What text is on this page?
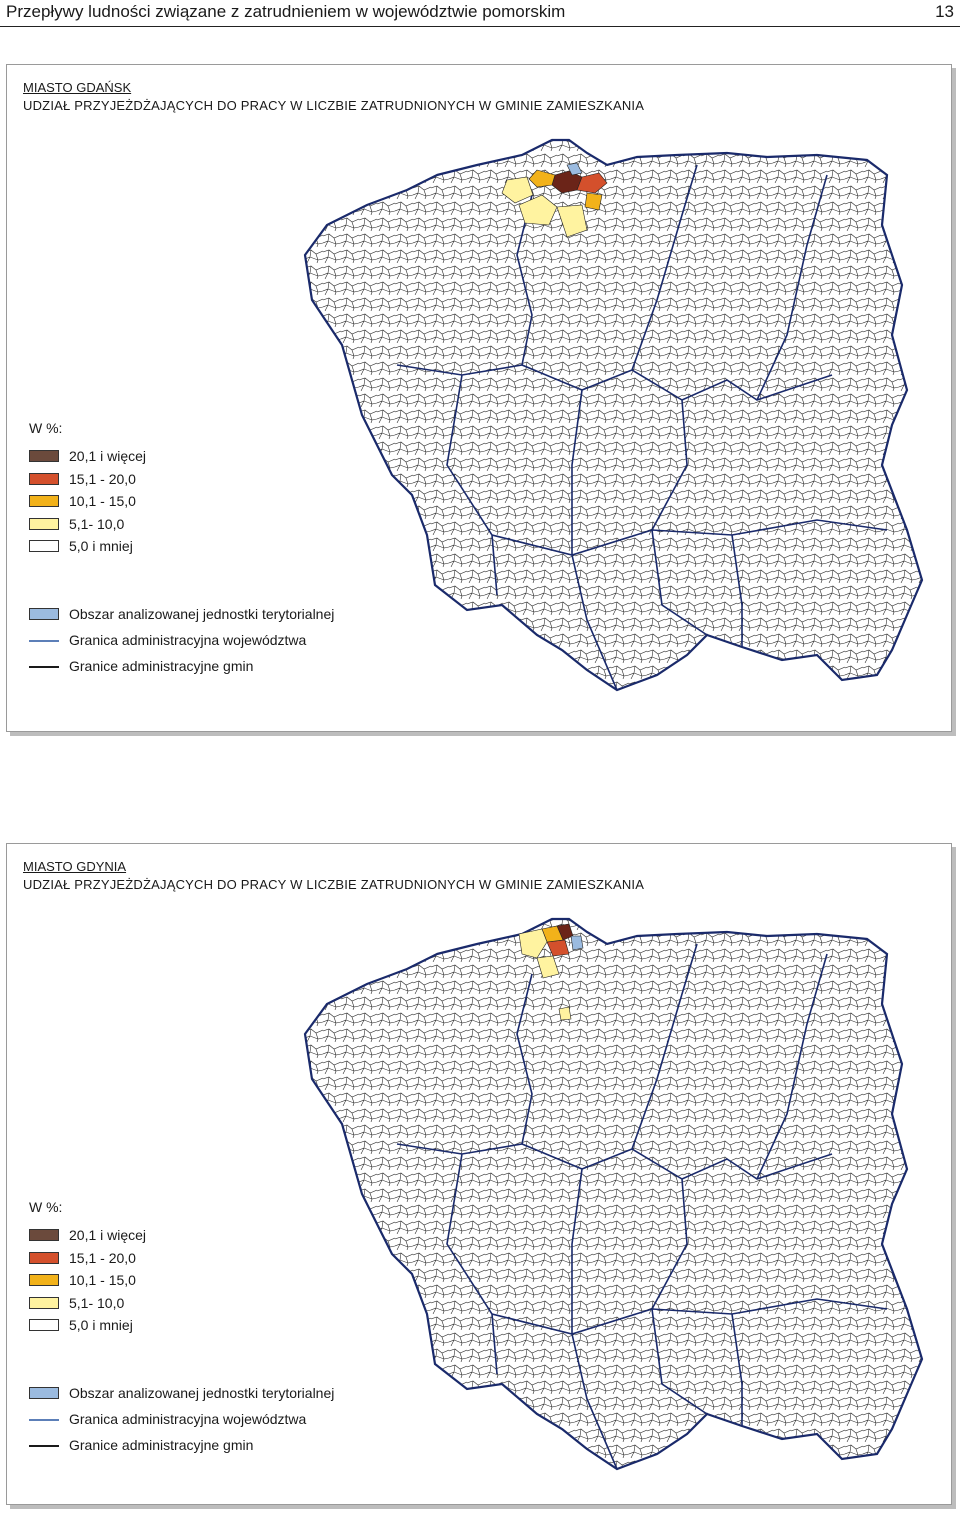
Przepływy ludności związane z zatrudnieniem w województwie pomorskim	13
MIASTO GDAŃSK
UDZIAŁ PRZYJEŻDŻAJĄCYCH DO PRACY W LICZBIE ZATRUDNIONYCH W GMINIE ZAMIESZKANIA
W %:
20,1 i więcej
15,1 - 20,0
10,1 - 15,0
5,1- 10,0
5,0 i mniej
Obszar analizowanej jednostki terytorialnej
Granica administracyjna województwa
Granice administracyjne gmin
MIASTO GDYNIA
UDZIAŁ PRZYJEŻDŻAJĄCYCH DO PRACY W LICZBIE ZATRUDNIONYCH W GMINIE ZAMIESZKANIA
W %:
20,1 i więcej
15,1 - 20,0
10,1 - 15,0
5,1- 10,0
5,0 i mniej
Obszar analizowanej jednostki terytorialnej
Granica administracyjna województwa
Granice administracyjne gmin
